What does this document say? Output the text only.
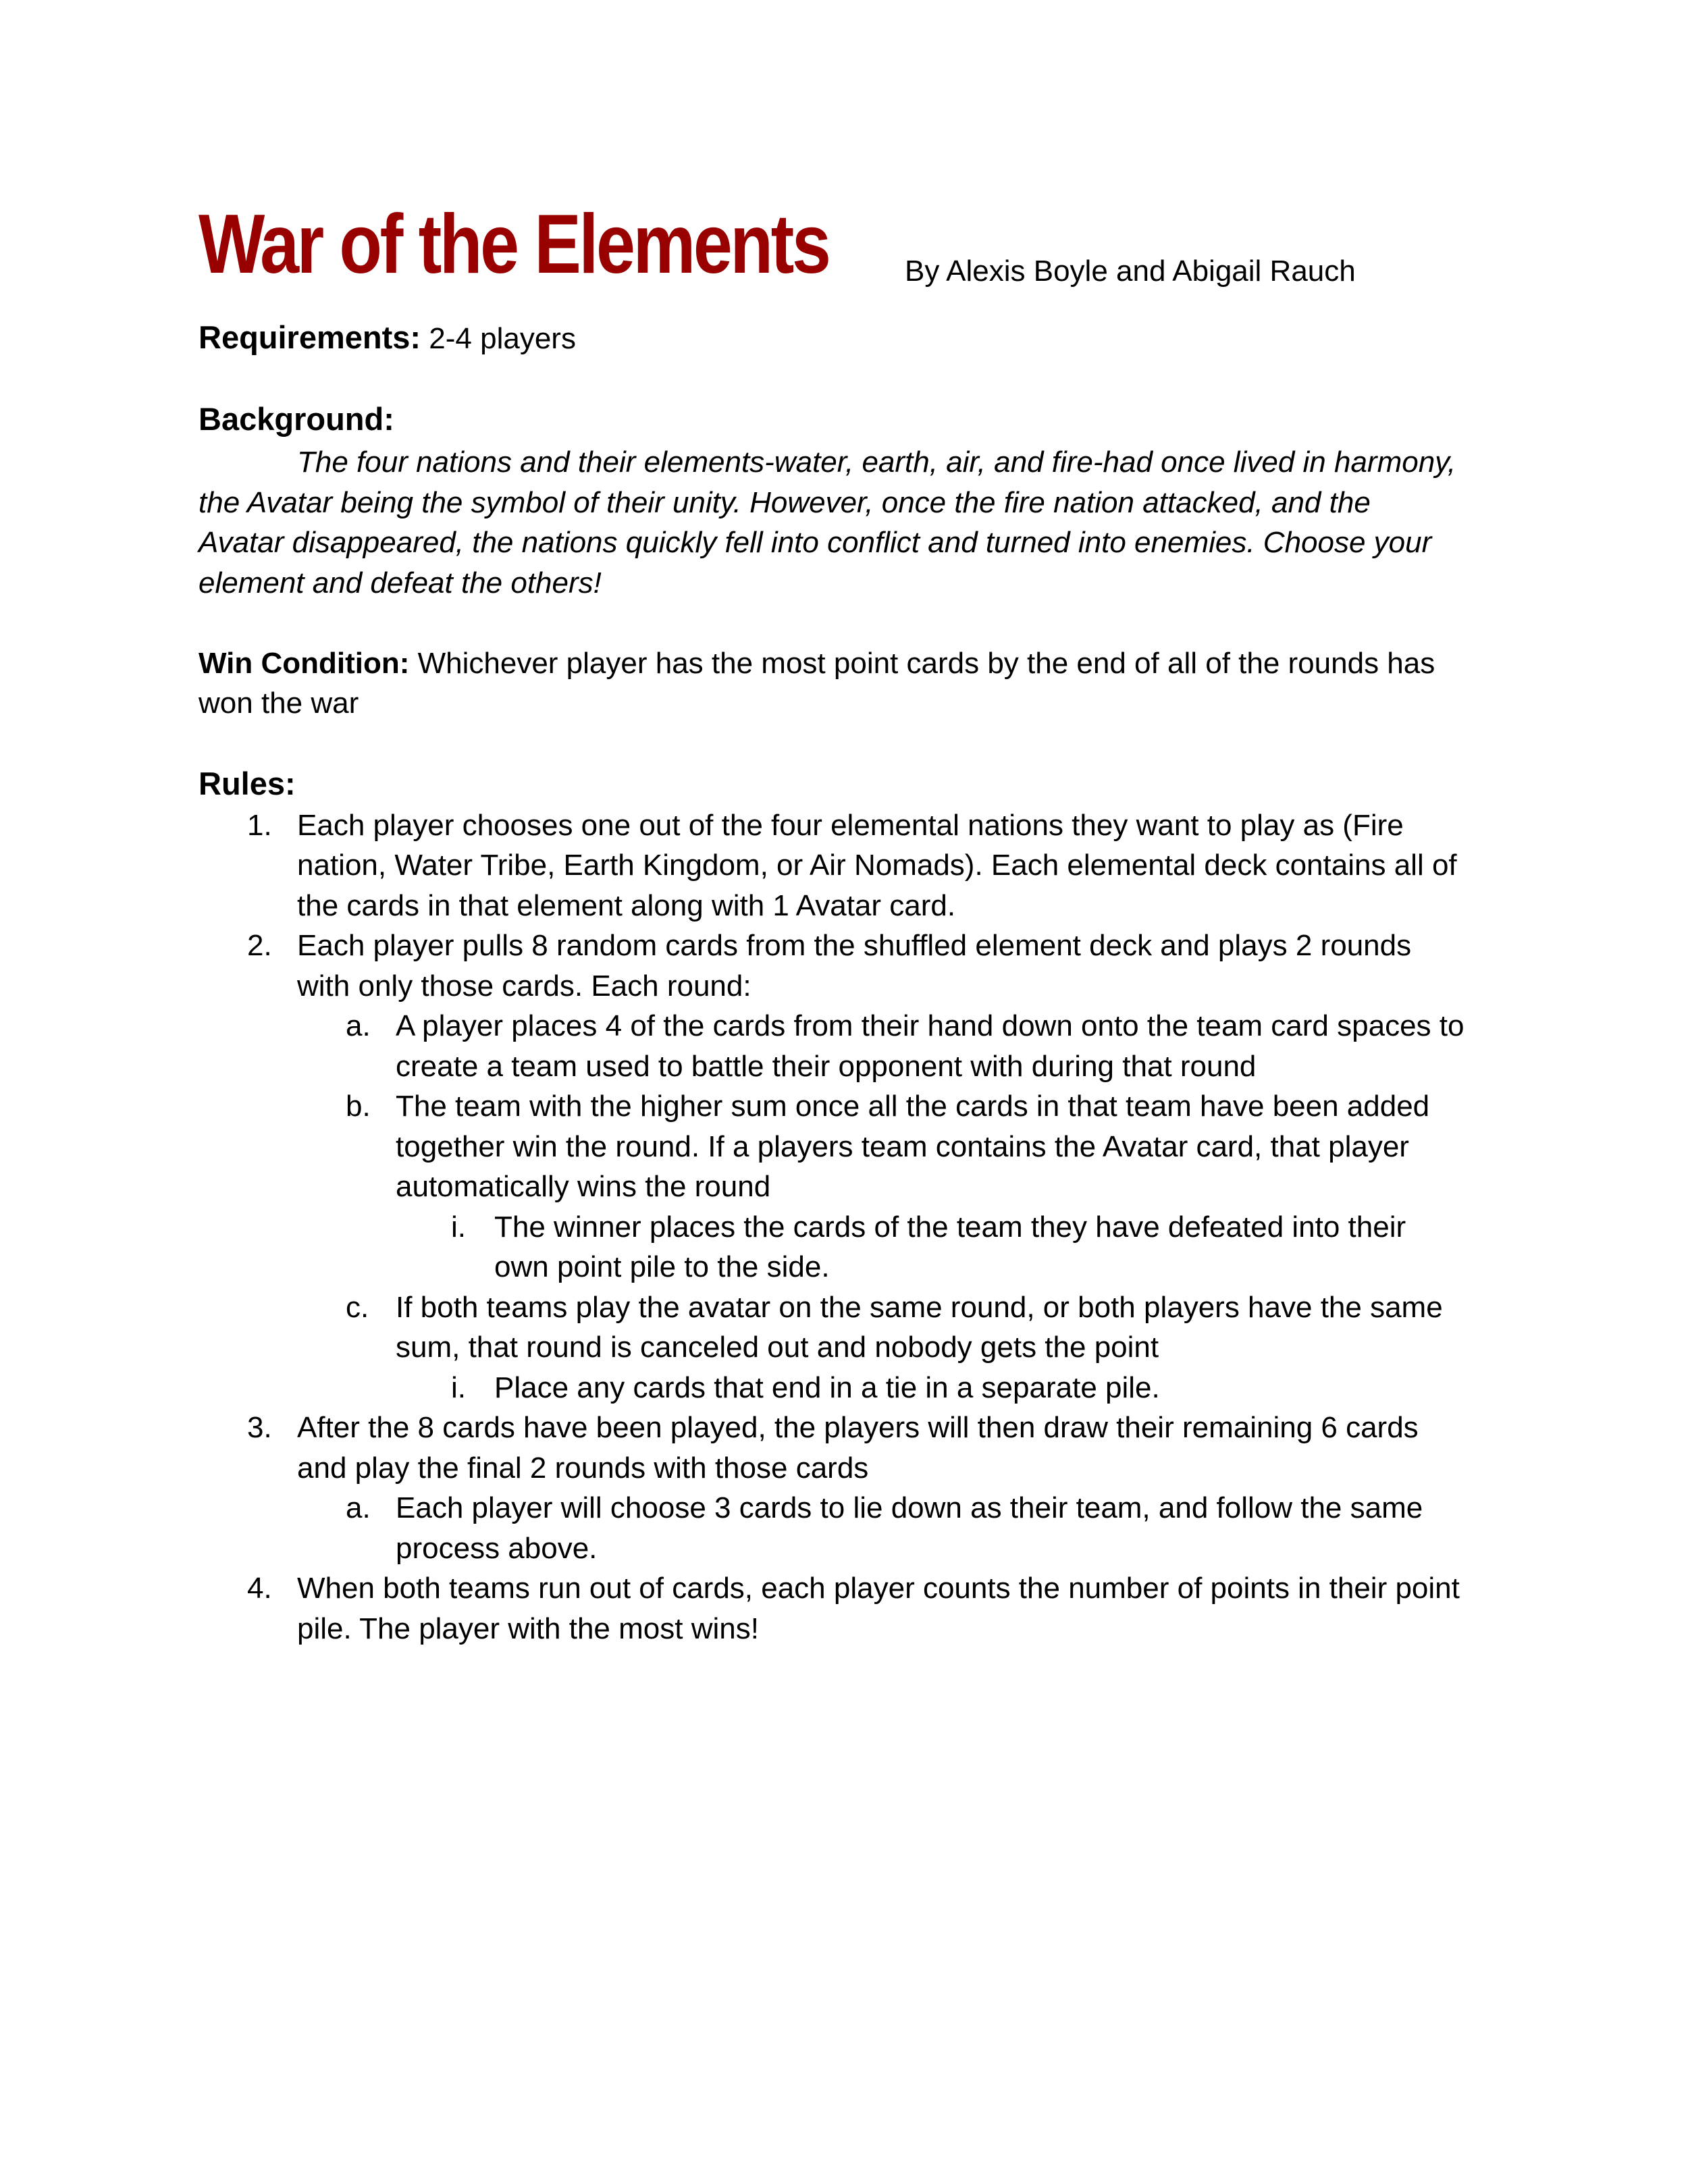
War of the Elements	By Alexis Boyle and Abigail Rauch
Requirements: 2-4 players
Background:
The four nations and their elements-water, earth, air, and fire-had once lived in harmony,
the Avatar being the symbol of their unity. However, once the fire nation attacked, and the
Avatar disappeared, the nations quickly fell into conflict and turned into enemies. Choose your
element and defeat the others!
Win Condition: Whichever player has the most point cards by the end of all of the rounds has
won the war
Rules:
1. Each player chooses one out of the four elemental nations they want to play as (Fire
nation, Water Tribe, Earth Kingdom, or Air Nomads). Each elemental deck contains all of
the cards in that element along with 1 Avatar card.
2. Each player pulls 8 random cards from the shuffled element deck and plays 2 rounds
with only those cards. Each round:
a. A player places 4 of the cards from their hand down onto the team card spaces to
create a team used to battle their opponent with during that round
b. The team with the higher sum once all the cards in that team have been added
together win the round. If a players team contains the Avatar card, that player
automatically wins the round
i. The winner places the cards of the team they have defeated into their
own point pile to the side.
c. If both teams play the avatar on the same round, or both players have the same
sum, that round is canceled out and nobody gets the point
i. Place any cards that end in a tie in a separate pile.
3. After the 8 cards have been played, the players will then draw their remaining 6 cards
and play the final 2 rounds with those cards
a. Each player will choose 3 cards to lie down as their team, and follow the same
process above.
4. When both teams run out of cards, each player counts the number of points in their point
pile. The player with the most wins!
